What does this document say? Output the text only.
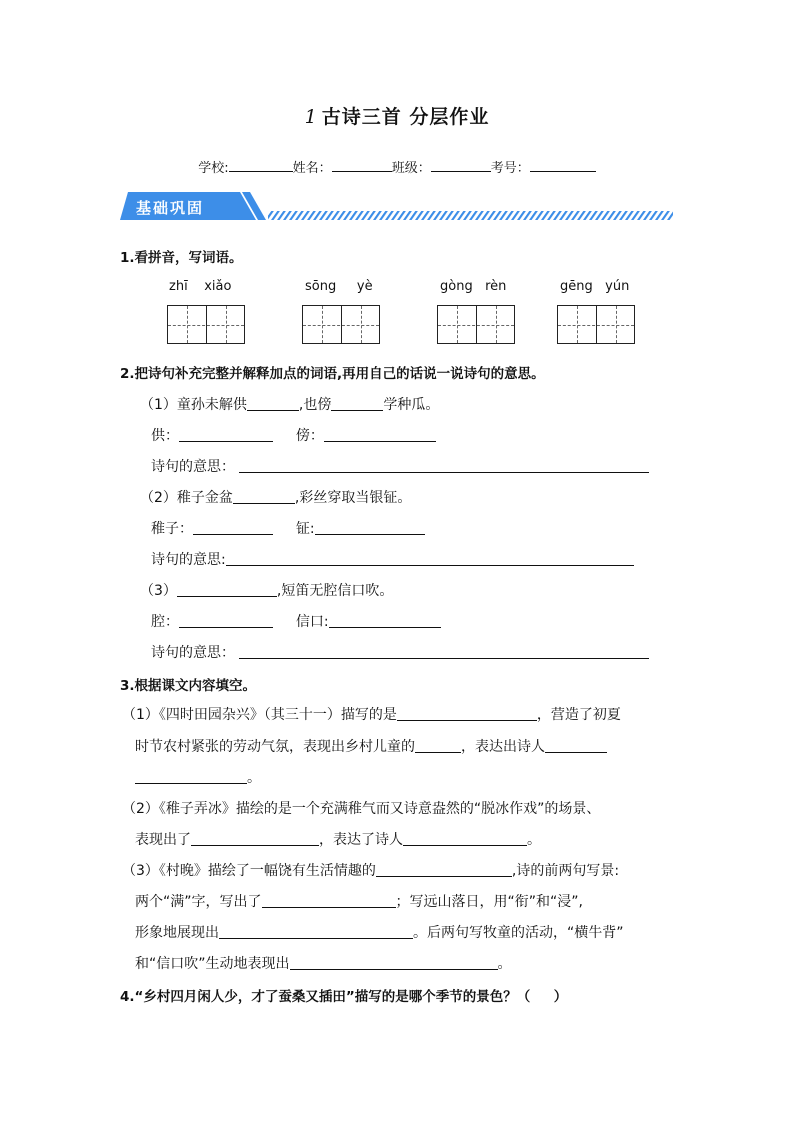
1 古诗三首 分层作业
学校:	姓名：	班级：	考号：
基础巩固
1.看拼音，写词语。
zhī    xiǎo	sōng     yè	gòng   rèn	gēng   yún
2.把诗句补充完整并解释加点的词语,再用自己的话说一说诗句的意思。
（1）童孙未解供	,也傍	学种瓜。
供：	傍：
诗句的意思：
（2）稚子金盆	,彩丝穿取当银钲。
稚子：	钲:
诗句的意思:
（3）	,短笛无腔信口吹。
腔：	信口:
诗句的意思：
3.根据课文内容填空。
（1）《四时田园杂兴》（其三十一）描写的是	，营造了初夏
时节农村紧张的劳动气氛，表现出乡村儿童的	，表达出诗人
。
（2）《稚子弄冰》描绘的是一个充满稚气而又诗意盎然的“脱冰作戏”的场景、
表现出了	，表达了诗人	。
（3）《村晚》描绘了一幅饶有生活情趣的	,诗的前两句写景:
两个“满”字，写出了	；写远山落日，用“衔”和“浸”,
形象地展现出	。后两句写牧童的活动，“横牛背”
和“信口吹”生动地表现出	。
4.“乡村四月闲人少，才了蚕桑又插田”描写的是哪个季节的景色？（     ）
